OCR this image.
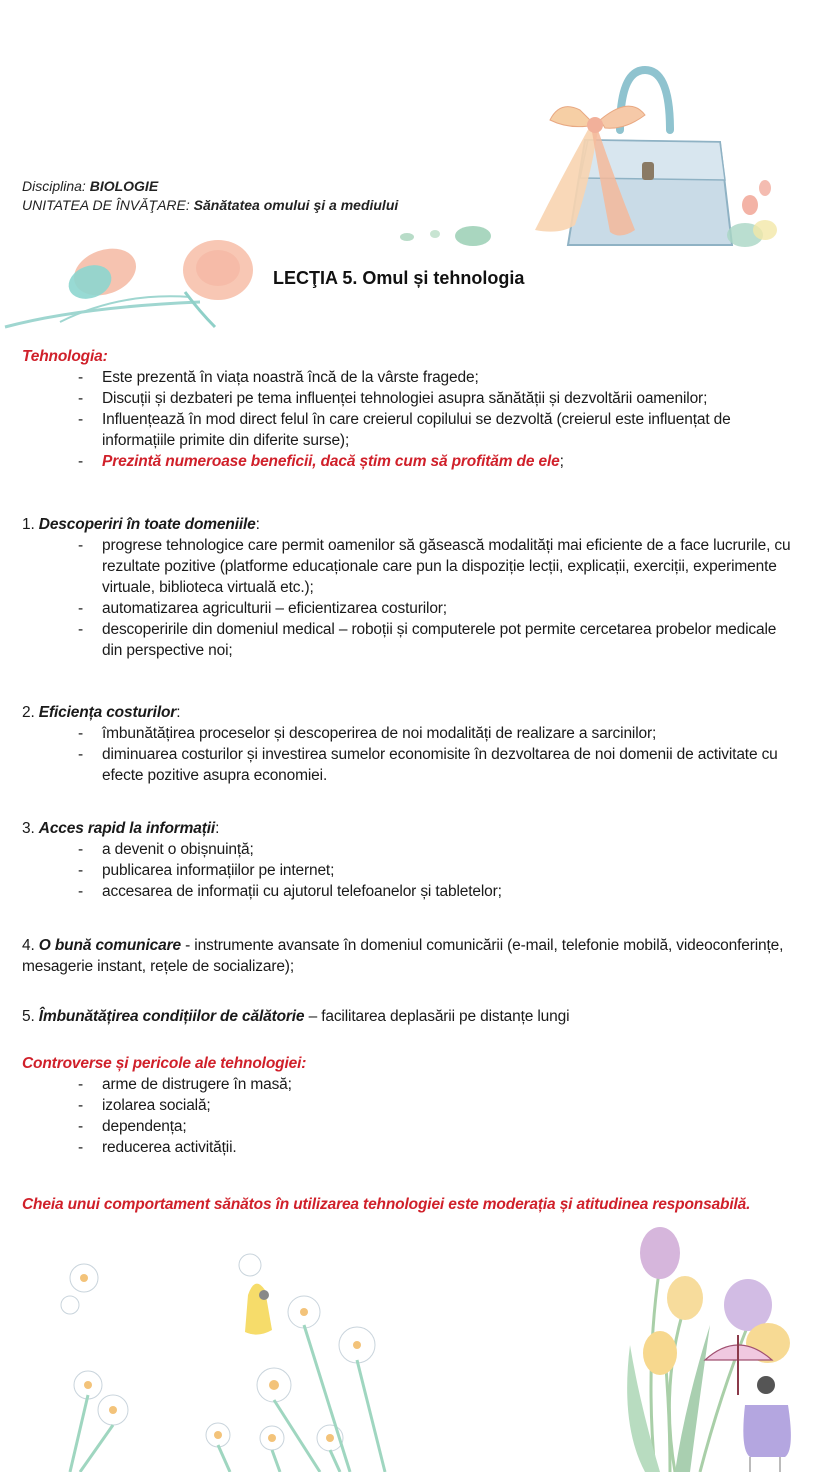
Disciplina: BIOLOGIE
UNITATEA DE ÎNVĂŢARE: Sănătatea omului şi a mediului
LECŢIA 5. Omul și tehnologia
Tehnologia:
- Este prezentă în viața noastră încă de la vârste fragede;
- Discuții și dezbateri pe tema influenței tehnologiei asupra sănătății și dezvoltării oamenilor;
- Influențează în mod direct felul în care creierul copilului se dezvoltă (creierul este influențat de informațiile primite din diferite surse);
- Prezintă numeroase beneficii, dacă știm cum să profităm de ele;
1. Descoperiri în toate domeniile:
- progrese tehnologice care permit oamenilor să găsească modalități mai eficiente de a face lucrurile, cu rezultate pozitive (platforme educaționale care pun la dispoziție lecții, explicații, exerciții, experimente virtuale, biblioteca virtuală etc.);
- automatizarea agriculturii – eficientizarea costurilor;
- descoperirile din domeniul medical – roboții și computerele pot permite cercetarea probelor medicale din perspective noi;
2. Eficiența costurilor:
- îmbunătățirea proceselor și descoperirea de noi modalități de realizare a sarcinilor;
- diminuarea costurilor și investirea sumelor economisite în dezvoltarea de noi domenii de activitate cu efecte pozitive asupra economiei.
3. Acces rapid la informații:
- a devenit o obișnuință;
- publicarea informațiilor pe internet;
- accesarea de informații cu ajutorul telefoanelor și tabletelor;
4. O bună comunicare - instrumente avansate în domeniul comunicării (e-mail, telefonie mobilă, videoconferințe, mesagerie instant, rețele de socializare);
5. Îmbunătățirea condițiilor de călătorie – facilitarea deplasării pe distanțe lungi
Controverse și pericole ale tehnologiei:
- arme de distrugere în masă;
- izolarea socială;
- dependența;
- reducerea activității.
Cheia unui comportament sănătos în utilizarea tehnologiei este moderația și atitudinea responsabilă.
